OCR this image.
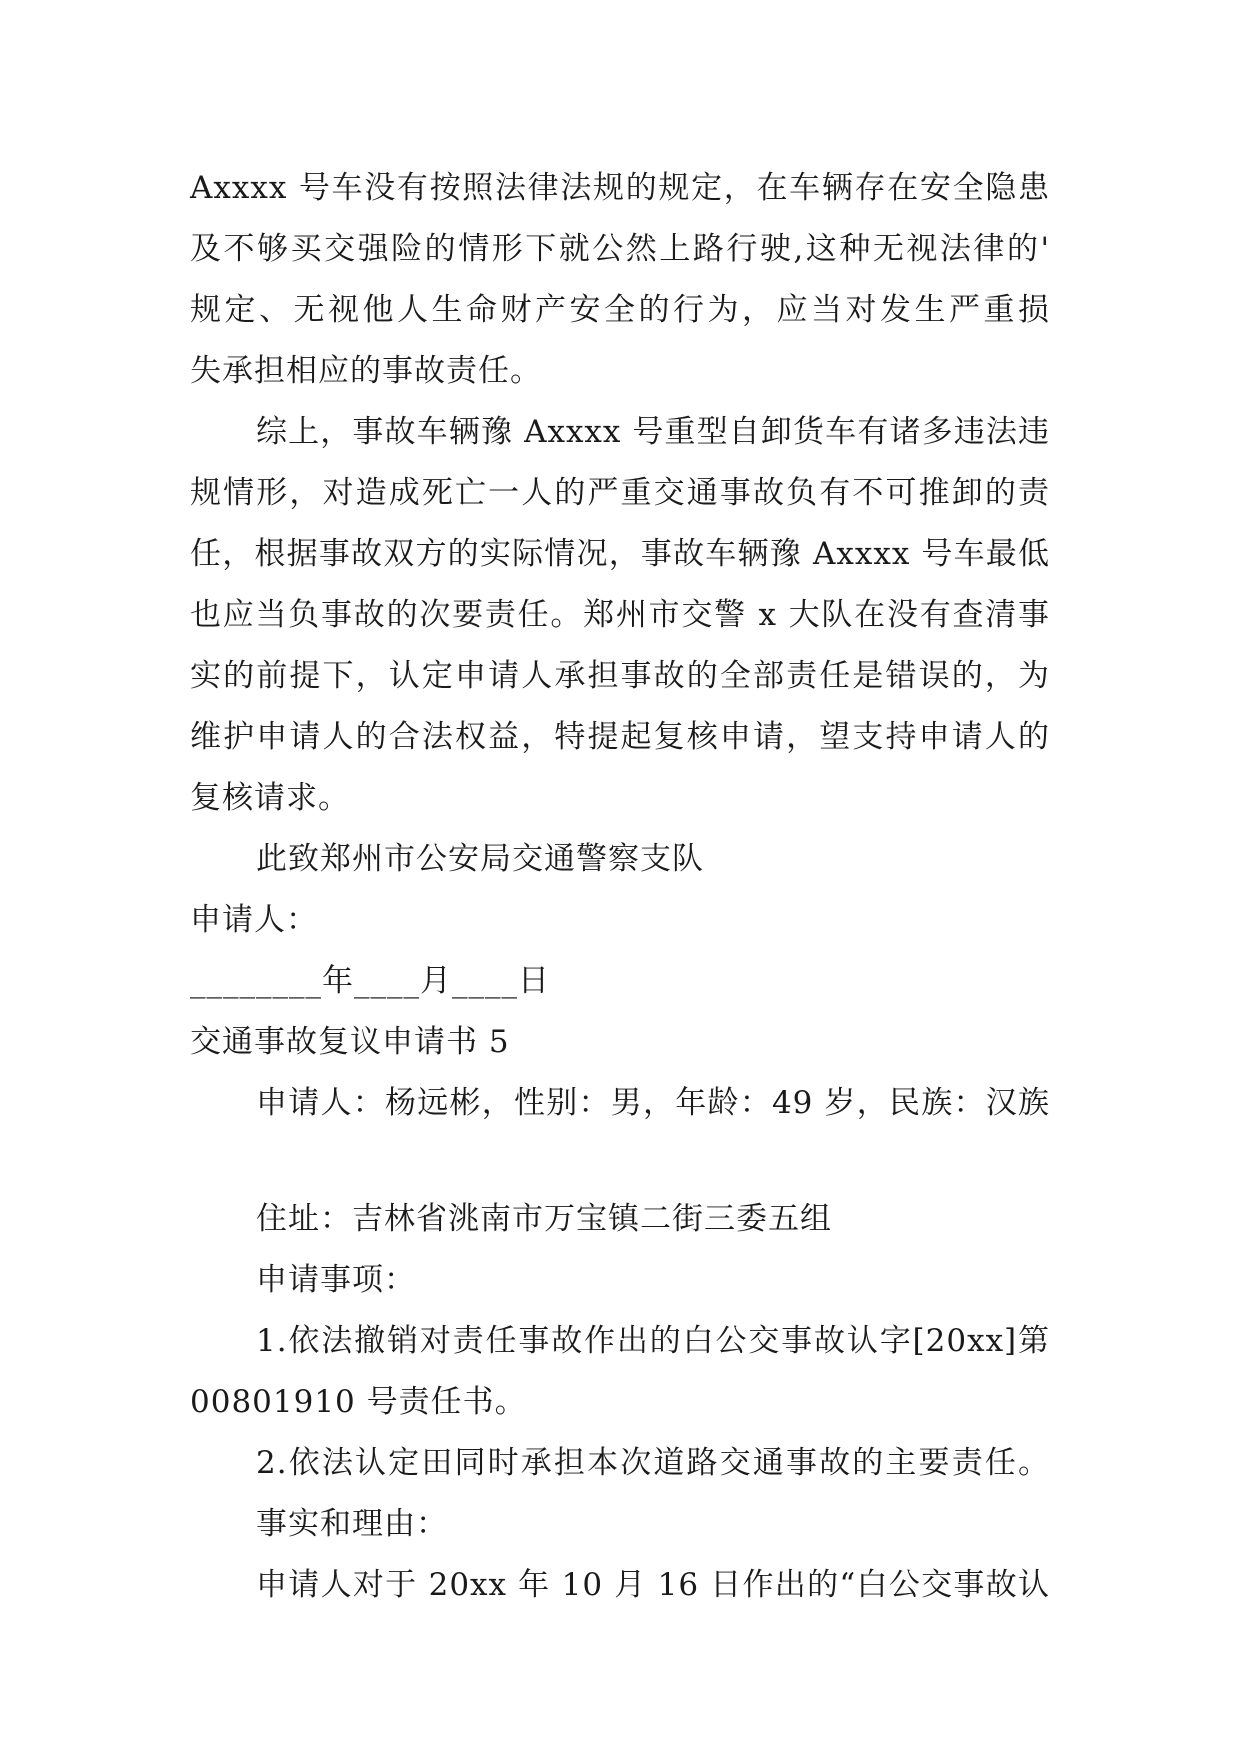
Axxxx 号车没有按照法律法规的规定，在车辆存在安全隐患
及不够买交强险的情形下就公然上路行驶,这种无视法律的'
规定、无视他人生命财产安全的行为，应当对发生严重损
失承担相应的事故责任。
综上，事故车辆豫 Axxxx 号重型自卸货车有诸多违法违
规情形，对造成死亡一人的严重交通事故负有不可推卸的责
任，根据事故双方的实际情况，事故车辆豫 Axxxx 号车最低
也应当负事故的次要责任。郑州市交警 x 大队在没有查清事
实的前提下，认定申请人承担事故的全部责任是错误的，为
维护申请人的合法权益，特提起复核申请，望支持申请人的
复核请求。
此致郑州市公安局交通警察支队
申请人：
________年____月____日
交通事故复议申请书 5
申请人：杨远彬，性别：男，年龄：49 岁，民族：汉族
住址：吉林省洮南市万宝镇二街三委五组
申请事项：
1.依法撤销对责任事故作出的白公交事故认字[20xx]第
00801910 号责任书。
2.依法认定田同时承担本次道路交通事故的主要责任。
事实和理由：
申请人对于 20xx 年 10 月 16 日作出的“白公交事故认
